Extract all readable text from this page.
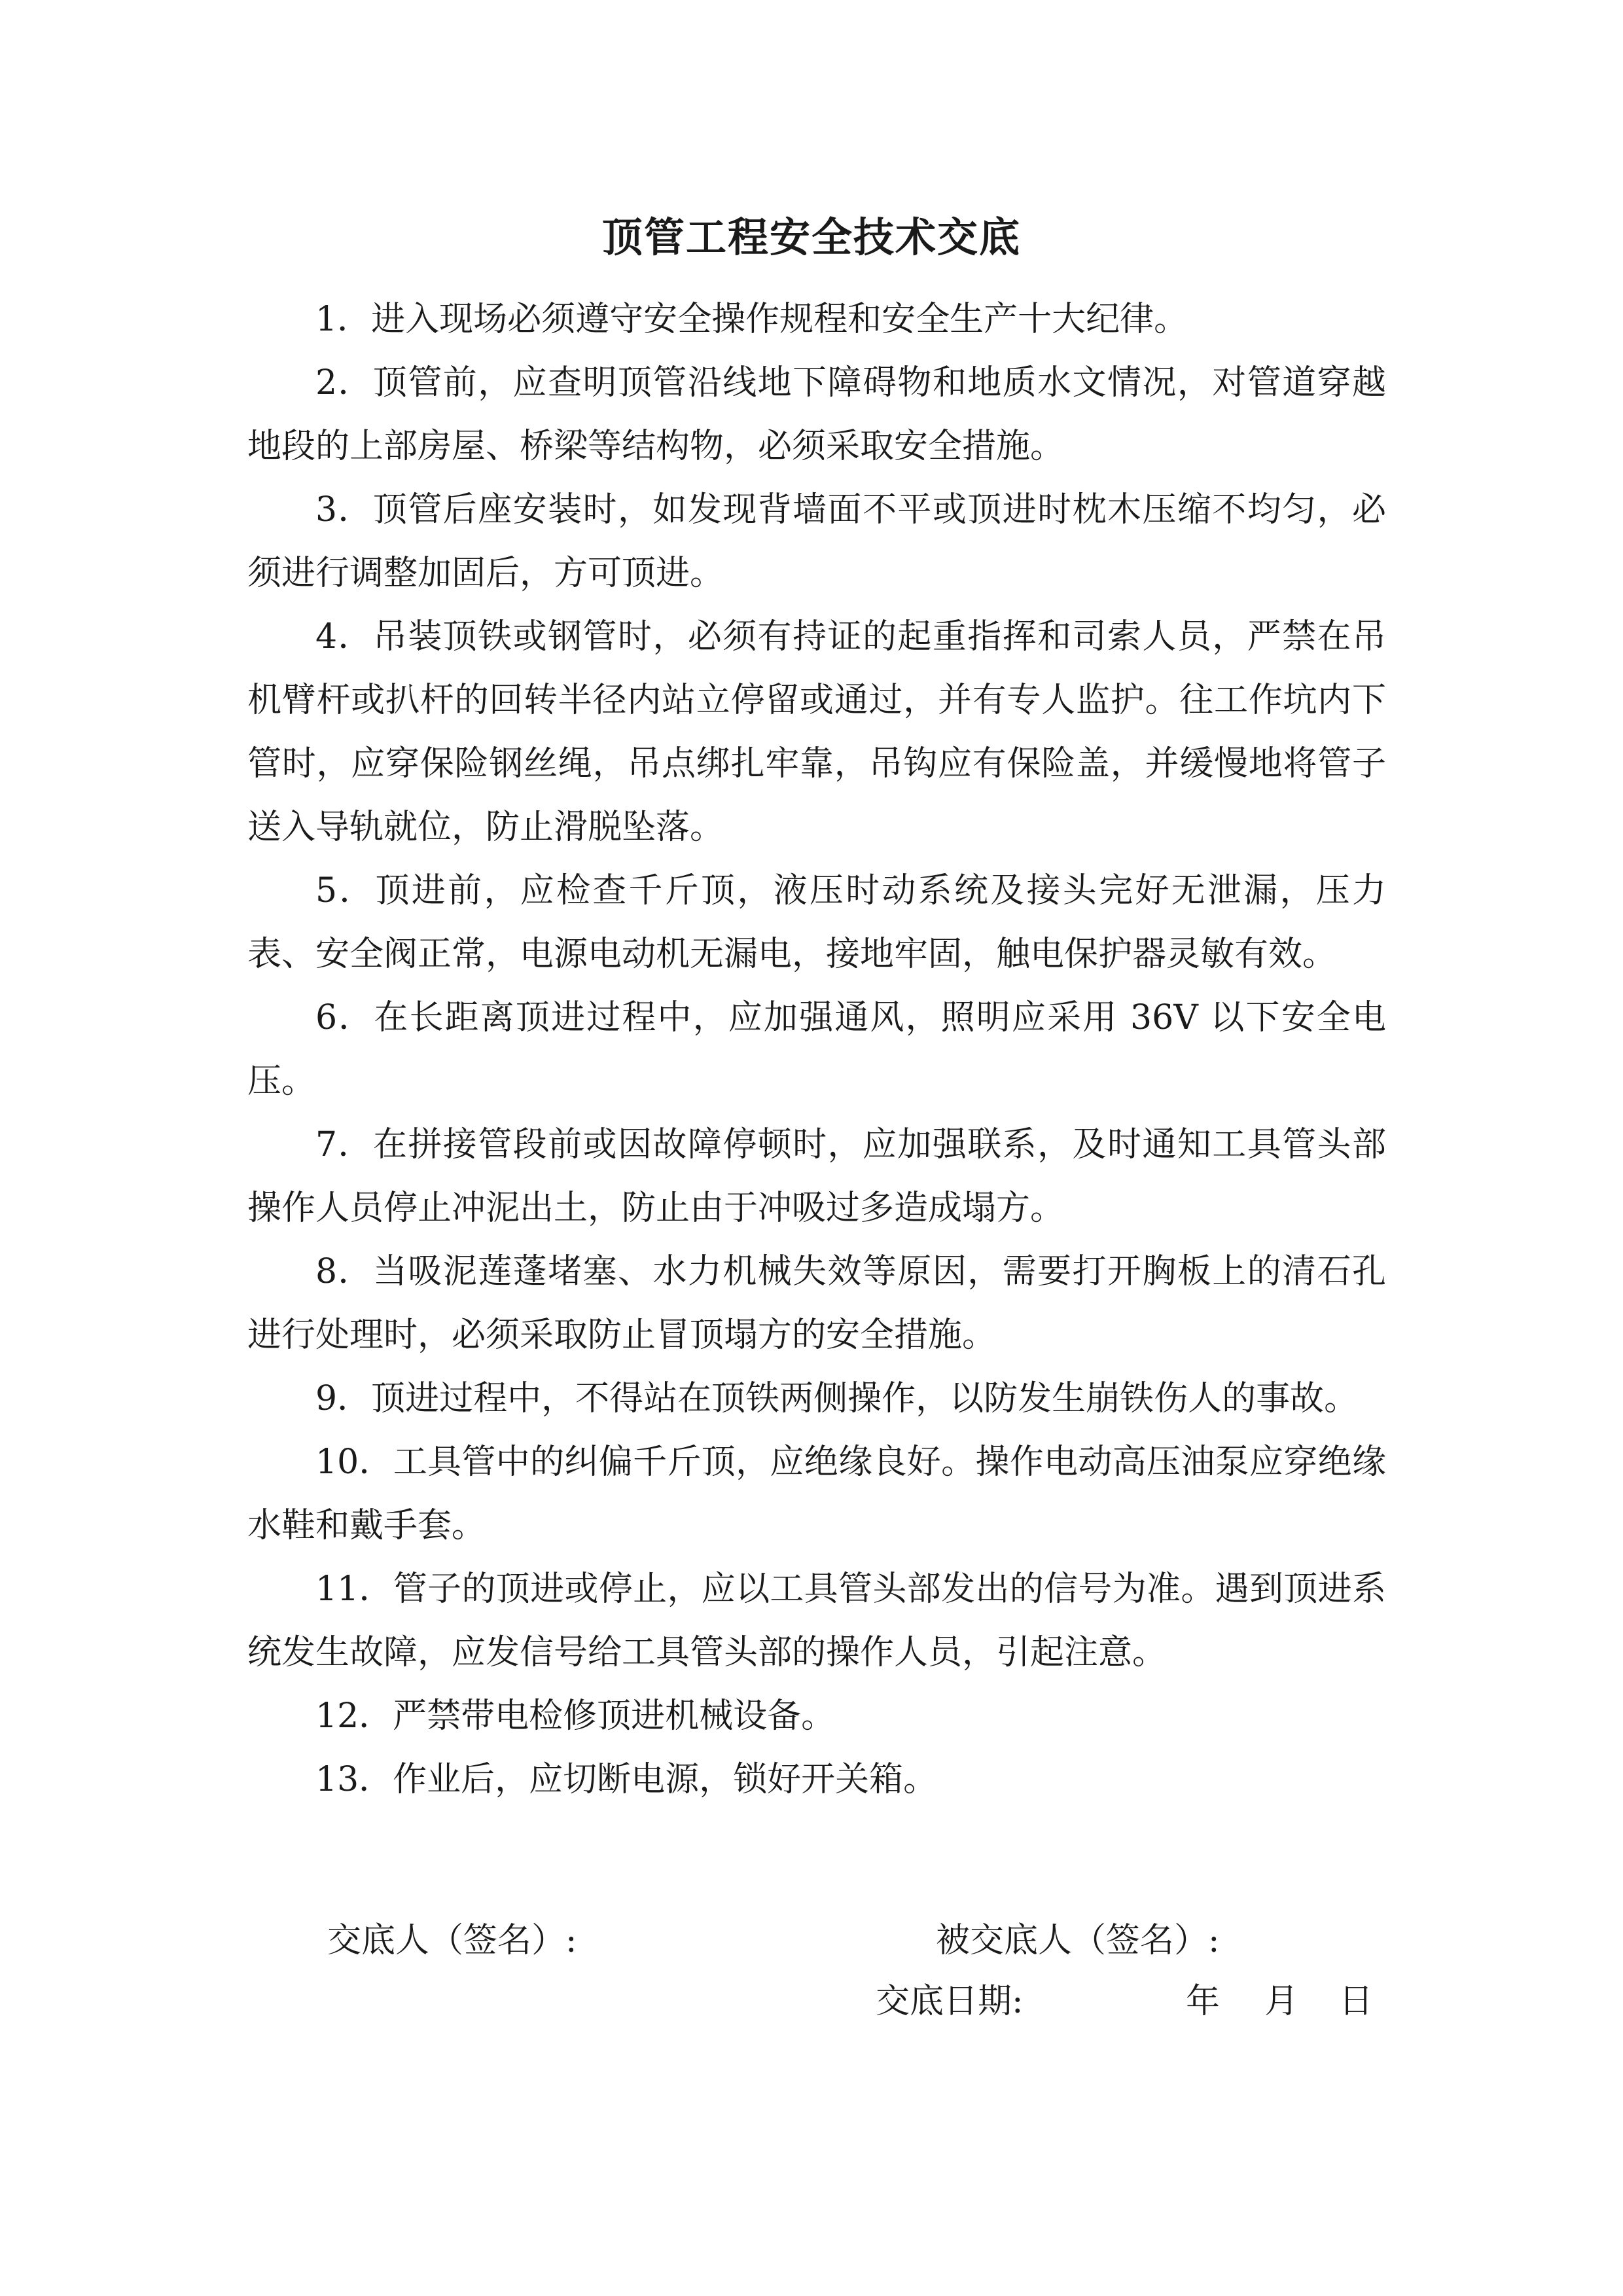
顶管工程安全技术交底

1．进入现场必须遵守安全操作规程和安全生产十大纪律。

2．顶管前，应查明顶管沿线地下障碍物和地质水文情况，对管道穿越地段的上部房屋、桥梁等结构物，必须采取安全措施。

3．顶管后座安装时，如发现背墙面不平或顶进时枕木压缩不均匀，必须进行调整加固后，方可顶进。

4．吊装顶铁或钢管时，必须有持证的起重指挥和司索人员，严禁在吊机臂杆或扒杆的回转半径内站立停留或通过，并有专人监护。往工作坑内下管时，应穿保险钢丝绳，吊点绑扎牢靠，吊钩应有保险盖，并缓慢地将管子送入导轨就位，防止滑脱坠落。

5．顶进前，应检查千斤顶，液压时动系统及接头完好无泄漏，压力表、安全阀正常，电源电动机无漏电，接地牢固，触电保护器灵敏有效。

6．在长距离顶进过程中，应加强通风，照明应采用 36V 以下安全电压。

7．在拼接管段前或因故障停顿时，应加强联系，及时通知工具管头部操作人员停止冲泥出土，防止由于冲吸过多造成塌方。

8．当吸泥莲蓬堵塞、水力机械失效等原因，需要打开胸板上的清石孔进行处理时，必须采取防止冒顶塌方的安全措施。

9．顶进过程中，不得站在顶铁两侧操作，以防发生崩铁伤人的事故。

10．工具管中的纠偏千斤顶，应绝缘良好。操作电动高压油泵应穿绝缘水鞋和戴手套。

11．管子的顶进或停止，应以工具管头部发出的信号为准。遇到顶进系统发生故障，应发信号给工具管头部的操作人员，引起注意。

12．严禁带电检修顶进机械设备。

13．作业后，应切断电源，锁好开关箱。

交底人（签名）:	被交底人（签名）:
交底日期:	年 月 日
